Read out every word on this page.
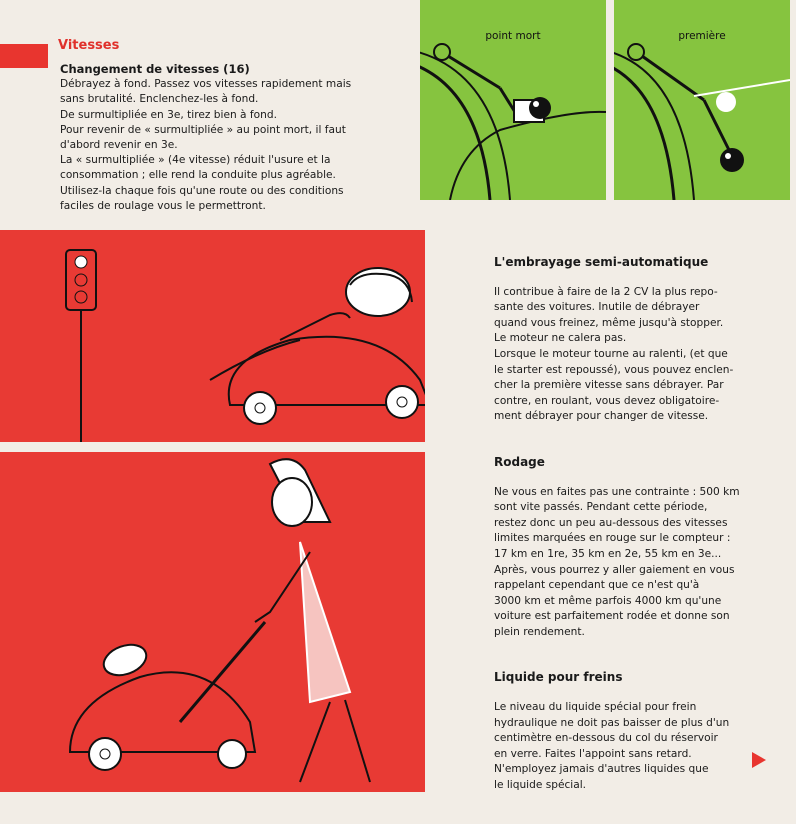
Vitesses

Changement de vitesses (16)

Débrayez à fond. Passez vos vitesses rapidement mais

sans brutalité. Enclenchez-les à fond.

De surmultipliée en 3e, tirez bien à fond.

Pour revenir de « surmultipliée » au point mort, il faut

d'abord revenir en 3e.

La « surmultipliée » (4e vitesse) réduit l'usure et la

consommation ; elle rend la conduite plus agréable.

Utilisez-la chaque fois qu'une route ou des conditions

faciles de roulage vous le permettront.

point mort	première
L'embrayage semi-automatique

Il contribue à faire de la 2 CV la plus repo-

sante des voitures. Inutile de débrayer

quand vous freinez, même jusqu'à stopper.

Le moteur ne calera pas.

Lorsque le moteur tourne au ralenti, (et que

le starter est repoussé), vous pouvez enclen-

cher la première vitesse sans débrayer. Par

contre, en roulant, vous devez obligatoire-

ment débrayer pour changer de vitesse.

Rodage

Ne vous en faites pas une contrainte : 500 km

sont vite passés. Pendant cette période,

restez donc un peu au-dessous des vitesses

limites marquées en rouge sur le compteur :

17 km en 1re, 35 km en 2e, 55 km en 3e...

Après, vous pourrez y aller gaiement en vous

rappelant cependant que ce n'est qu'à

3000 km et même parfois 4000 km qu'une

voiture est parfaitement rodée et donne son

plein rendement.

Liquide pour freins

Le niveau du liquide spécial pour frein

hydraulique ne doit pas baisser de plus d'un

centimètre en-dessous du col du réservoir

en verre. Faites l'appoint sans retard.

N'employez jamais d'autres liquides que

le liquide spécial.
